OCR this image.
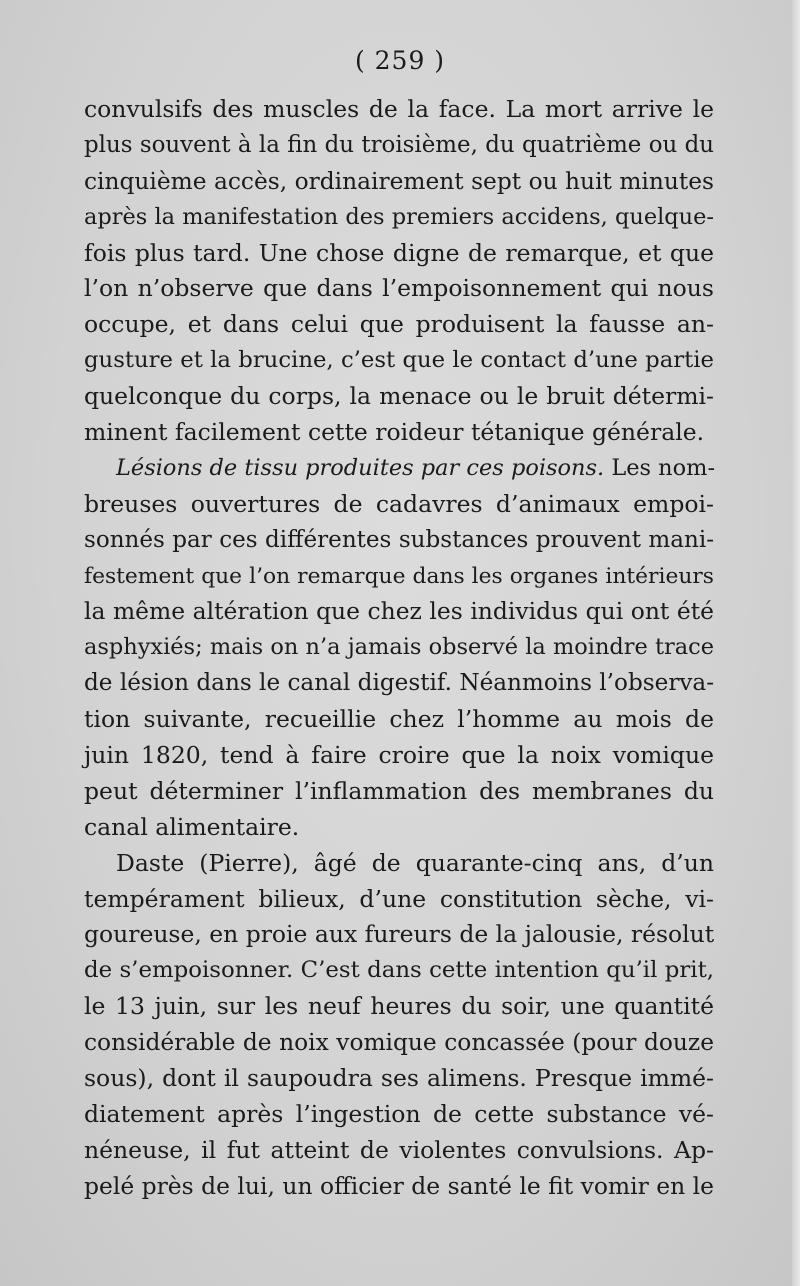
( 259 )
convulsifs des muscles de la face. La mort arrive le
plus souvent à la fin du troisième, du quatrième ou du
cinquième accès, ordinairement sept ou huit minutes
après la manifestation des premiers accidens, quelque-
fois plus tard. Une chose digne de remarque, et que
l’on n’observe que dans l’empoisonnement qui nous
occupe, et dans celui que produisent la fausse an-
gusture et la brucine, c’est que le contact d’une partie
quelconque du corps, la menace ou le bruit détermi-
minent facilement cette roideur tétanique générale.
Lésions de tissu produites par ces poisons. Les nom-
breuses ouvertures de cadavres d’animaux empoi-
sonnés par ces différentes substances prouvent mani-
festement que l’on remarque dans les organes intérieurs
la même altération que chez les individus qui ont été
asphyxiés; mais on n’a jamais observé la moindre trace
de lésion dans le canal digestif. Néanmoins l’observa-
tion suivante, recueillie chez l’homme au mois de
juin 1820, tend à faire croire que la noix vomique
peut déterminer l’inflammation des membranes du
canal alimentaire.
Daste (Pierre), âgé de quarante-cinq ans, d’un
tempérament bilieux, d’une constitution sèche, vi-
goureuse, en proie aux fureurs de la jalousie, résolut
de s’empoisonner. C’est dans cette intention qu’il prit,
le 13 juin, sur les neuf heures du soir, une quantité
considérable de noix vomique concassée (pour douze
sous), dont il saupoudra ses alimens. Presque immé-
diatement après l’ingestion de cette substance vé-
néneuse, il fut atteint de violentes convulsions. Ap-
pelé près de lui, un officier de santé le fit vomir en le
